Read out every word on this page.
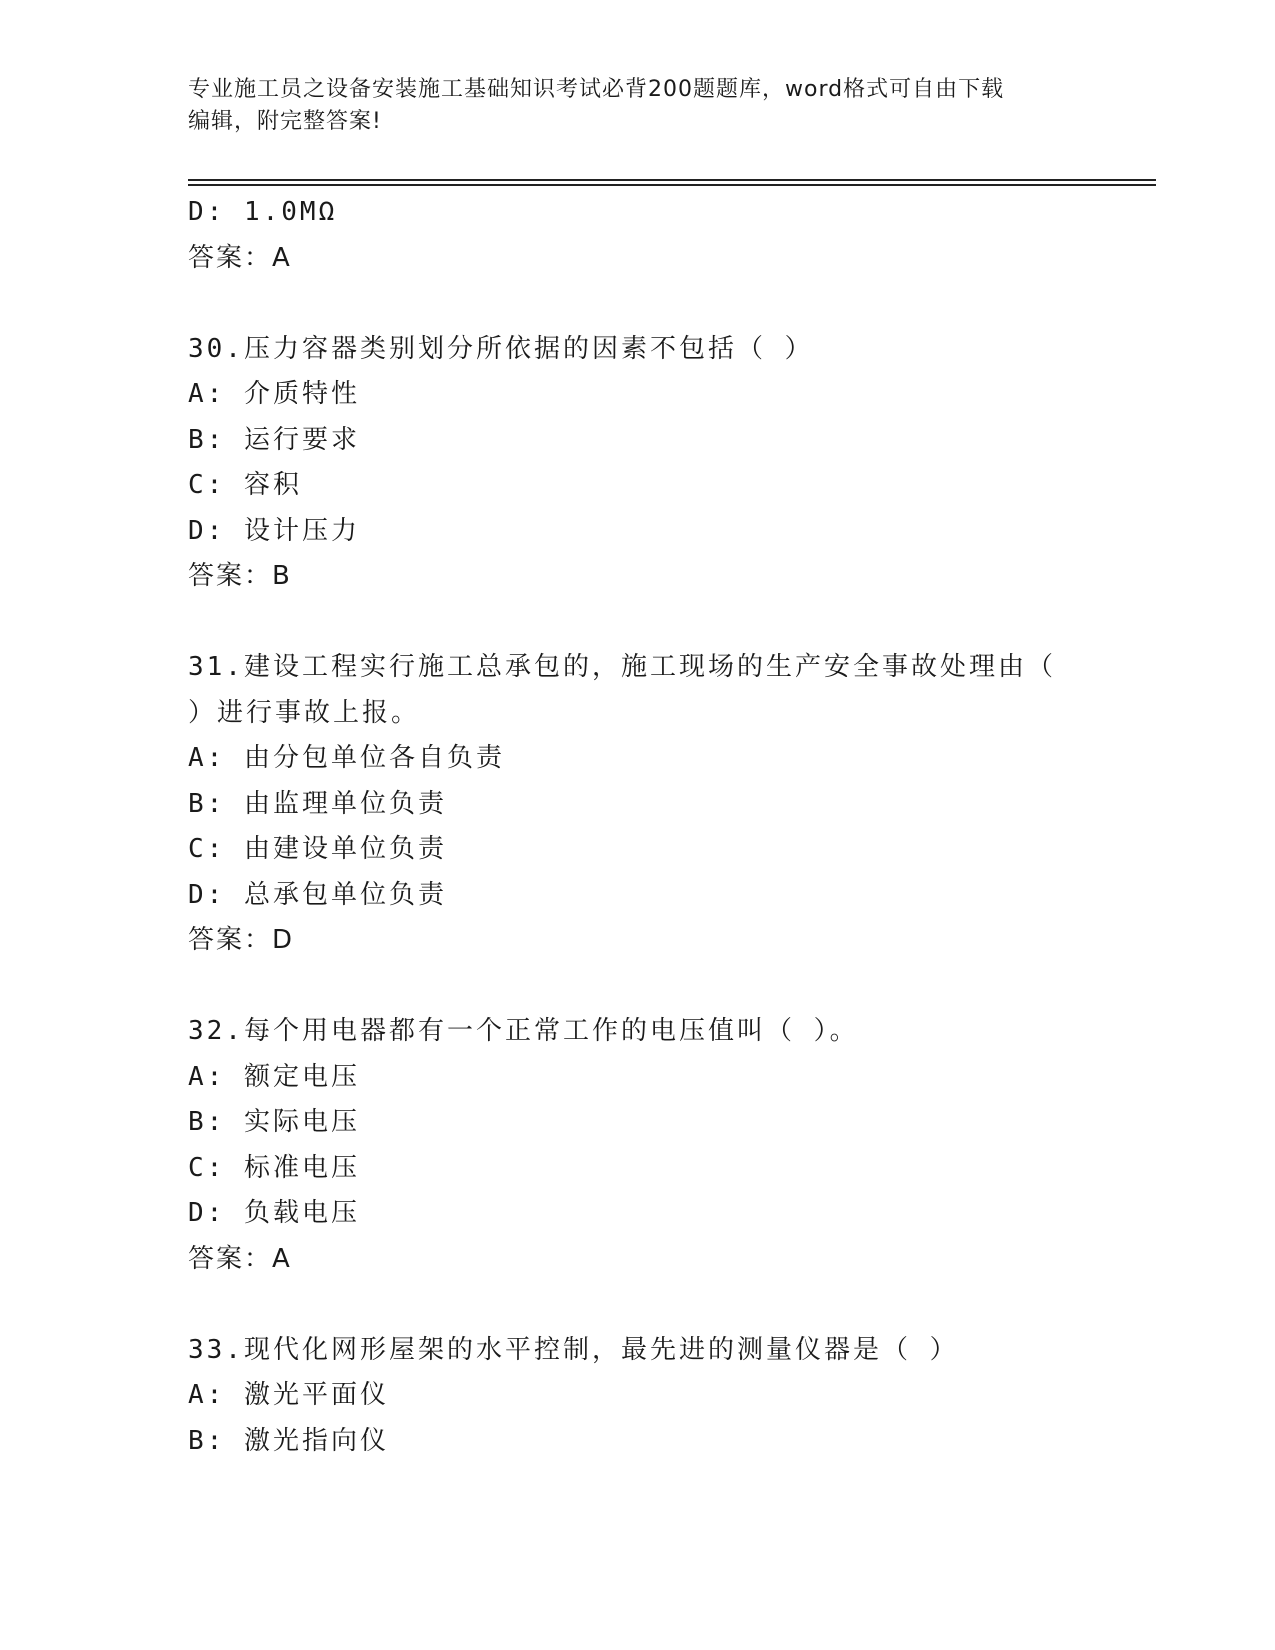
专业施工员之设备安装施工基础知识考试必背200题题库，word格式可自由下载
编辑，附完整答案!
D: 1.0MΩ
答案：A
30.压力容器类别划分所依据的因素不包括（ ）
A: 介质特性
B: 运行要求
C: 容积
D: 设计压力
答案：B
31.建设工程实行施工总承包的，施工现场的生产安全事故处理由（
）进行事故上报。
A: 由分包单位各自负责
B: 由监理单位负责
C: 由建设单位负责
D: 总承包单位负责
答案：D
32.每个用电器都有一个正常工作的电压值叫（ ）。
A: 额定电压
B: 实际电压
C: 标准电压
D: 负载电压
答案：A
33.现代化网形屋架的水平控制，最先进的测量仪器是（ ）
A: 激光平面仪
B: 激光指向仪
